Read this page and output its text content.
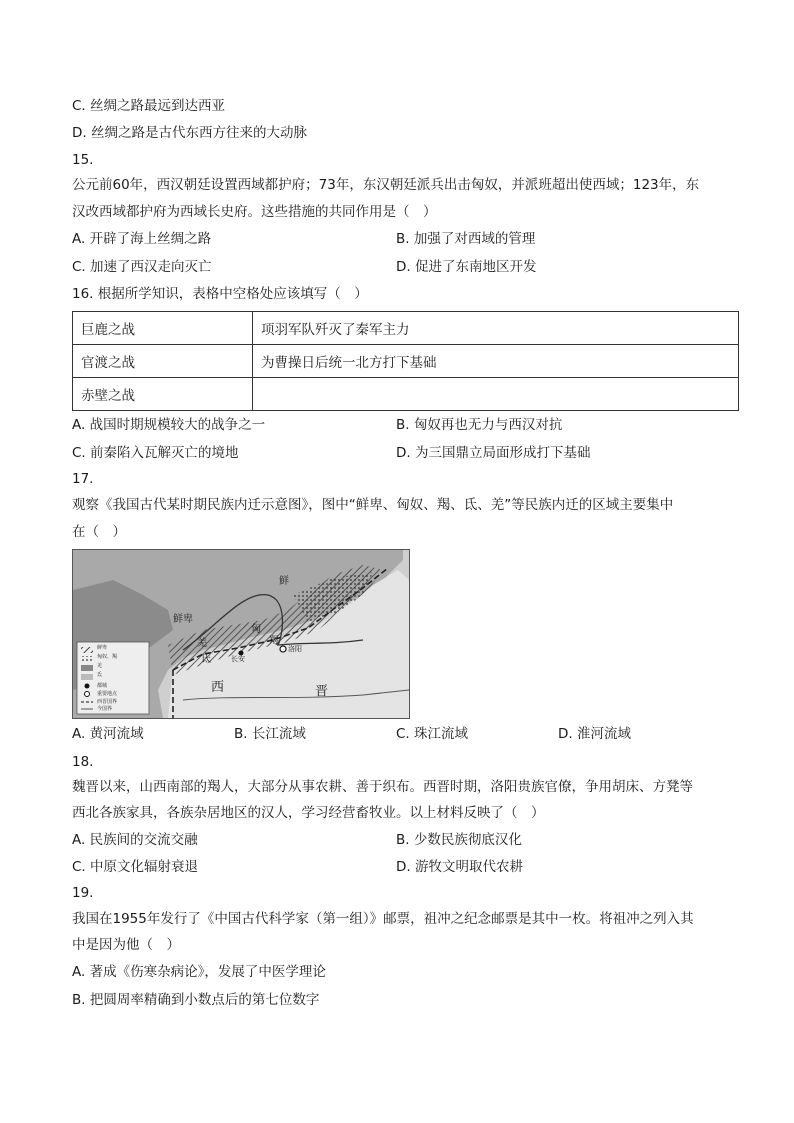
C. 丝绸之路最远到达西亚
D. 丝绸之路是古代东西方往来的大动脉
15.
公元前60年，西汉朝廷设置西域都护府；73年，东汉朝廷派兵出击匈奴，并派班超出使西域；123年，东
汉改西域都护府为西域长史府。这些措施的共同作用是（　）
A. 开辟了海上丝绸之路	B. 加强了对西域的管理
C. 加速了西汉走向灭亡	D. 促进了东南地区开发
16. 根据所学知识，表格中空格处应该填写（　）
巨鹿之战	项羽军队歼灭了秦军主力
官渡之战	为曹操日后统一北方打下基础
赤壁之战	
A. 战国时期规模较大的战争之一	B. 匈奴再也无力与西汉对抗
C. 前秦陷入瓦解灭亡的境地	D. 为三国鼎立局面形成打下基础
17.
观察《我国古代某时期民族内迁示意图》，图中“鲜卑、匈奴、羯、氐、羌”等民族内迁的区域主要集中
在（　）
鲜
鲜卑
匈
羯
羌
氐	长安
洛阳
西	晋
鲜卑
匈奴、羯
羌
氐
都城
重要地点
西晋国界
今国界
A. 黄河流域	B. 长江流域	C. 珠江流域	D. 淮河流域
18.
魏晋以来，山西南部的羯人，大部分从事农耕、善于织布。西晋时期，洛阳贵族官僚，争用胡床、方凳等
西北各族家具，各族杂居地区的汉人，学习经营畜牧业。以上材料反映了（　）
A. 民族间的交流交融	B. 少数民族彻底汉化
C. 中原文化辐射衰退	D. 游牧文明取代农耕
19.
我国在1955年发行了《中国古代科学家（第一组）》邮票，祖冲之纪念邮票是其中一枚。将祖冲之列入其
中是因为他（　）
A. 著成《伤寒杂病论》，发展了中医学理论
B. 把圆周率精确到小数点后的第七位数字
